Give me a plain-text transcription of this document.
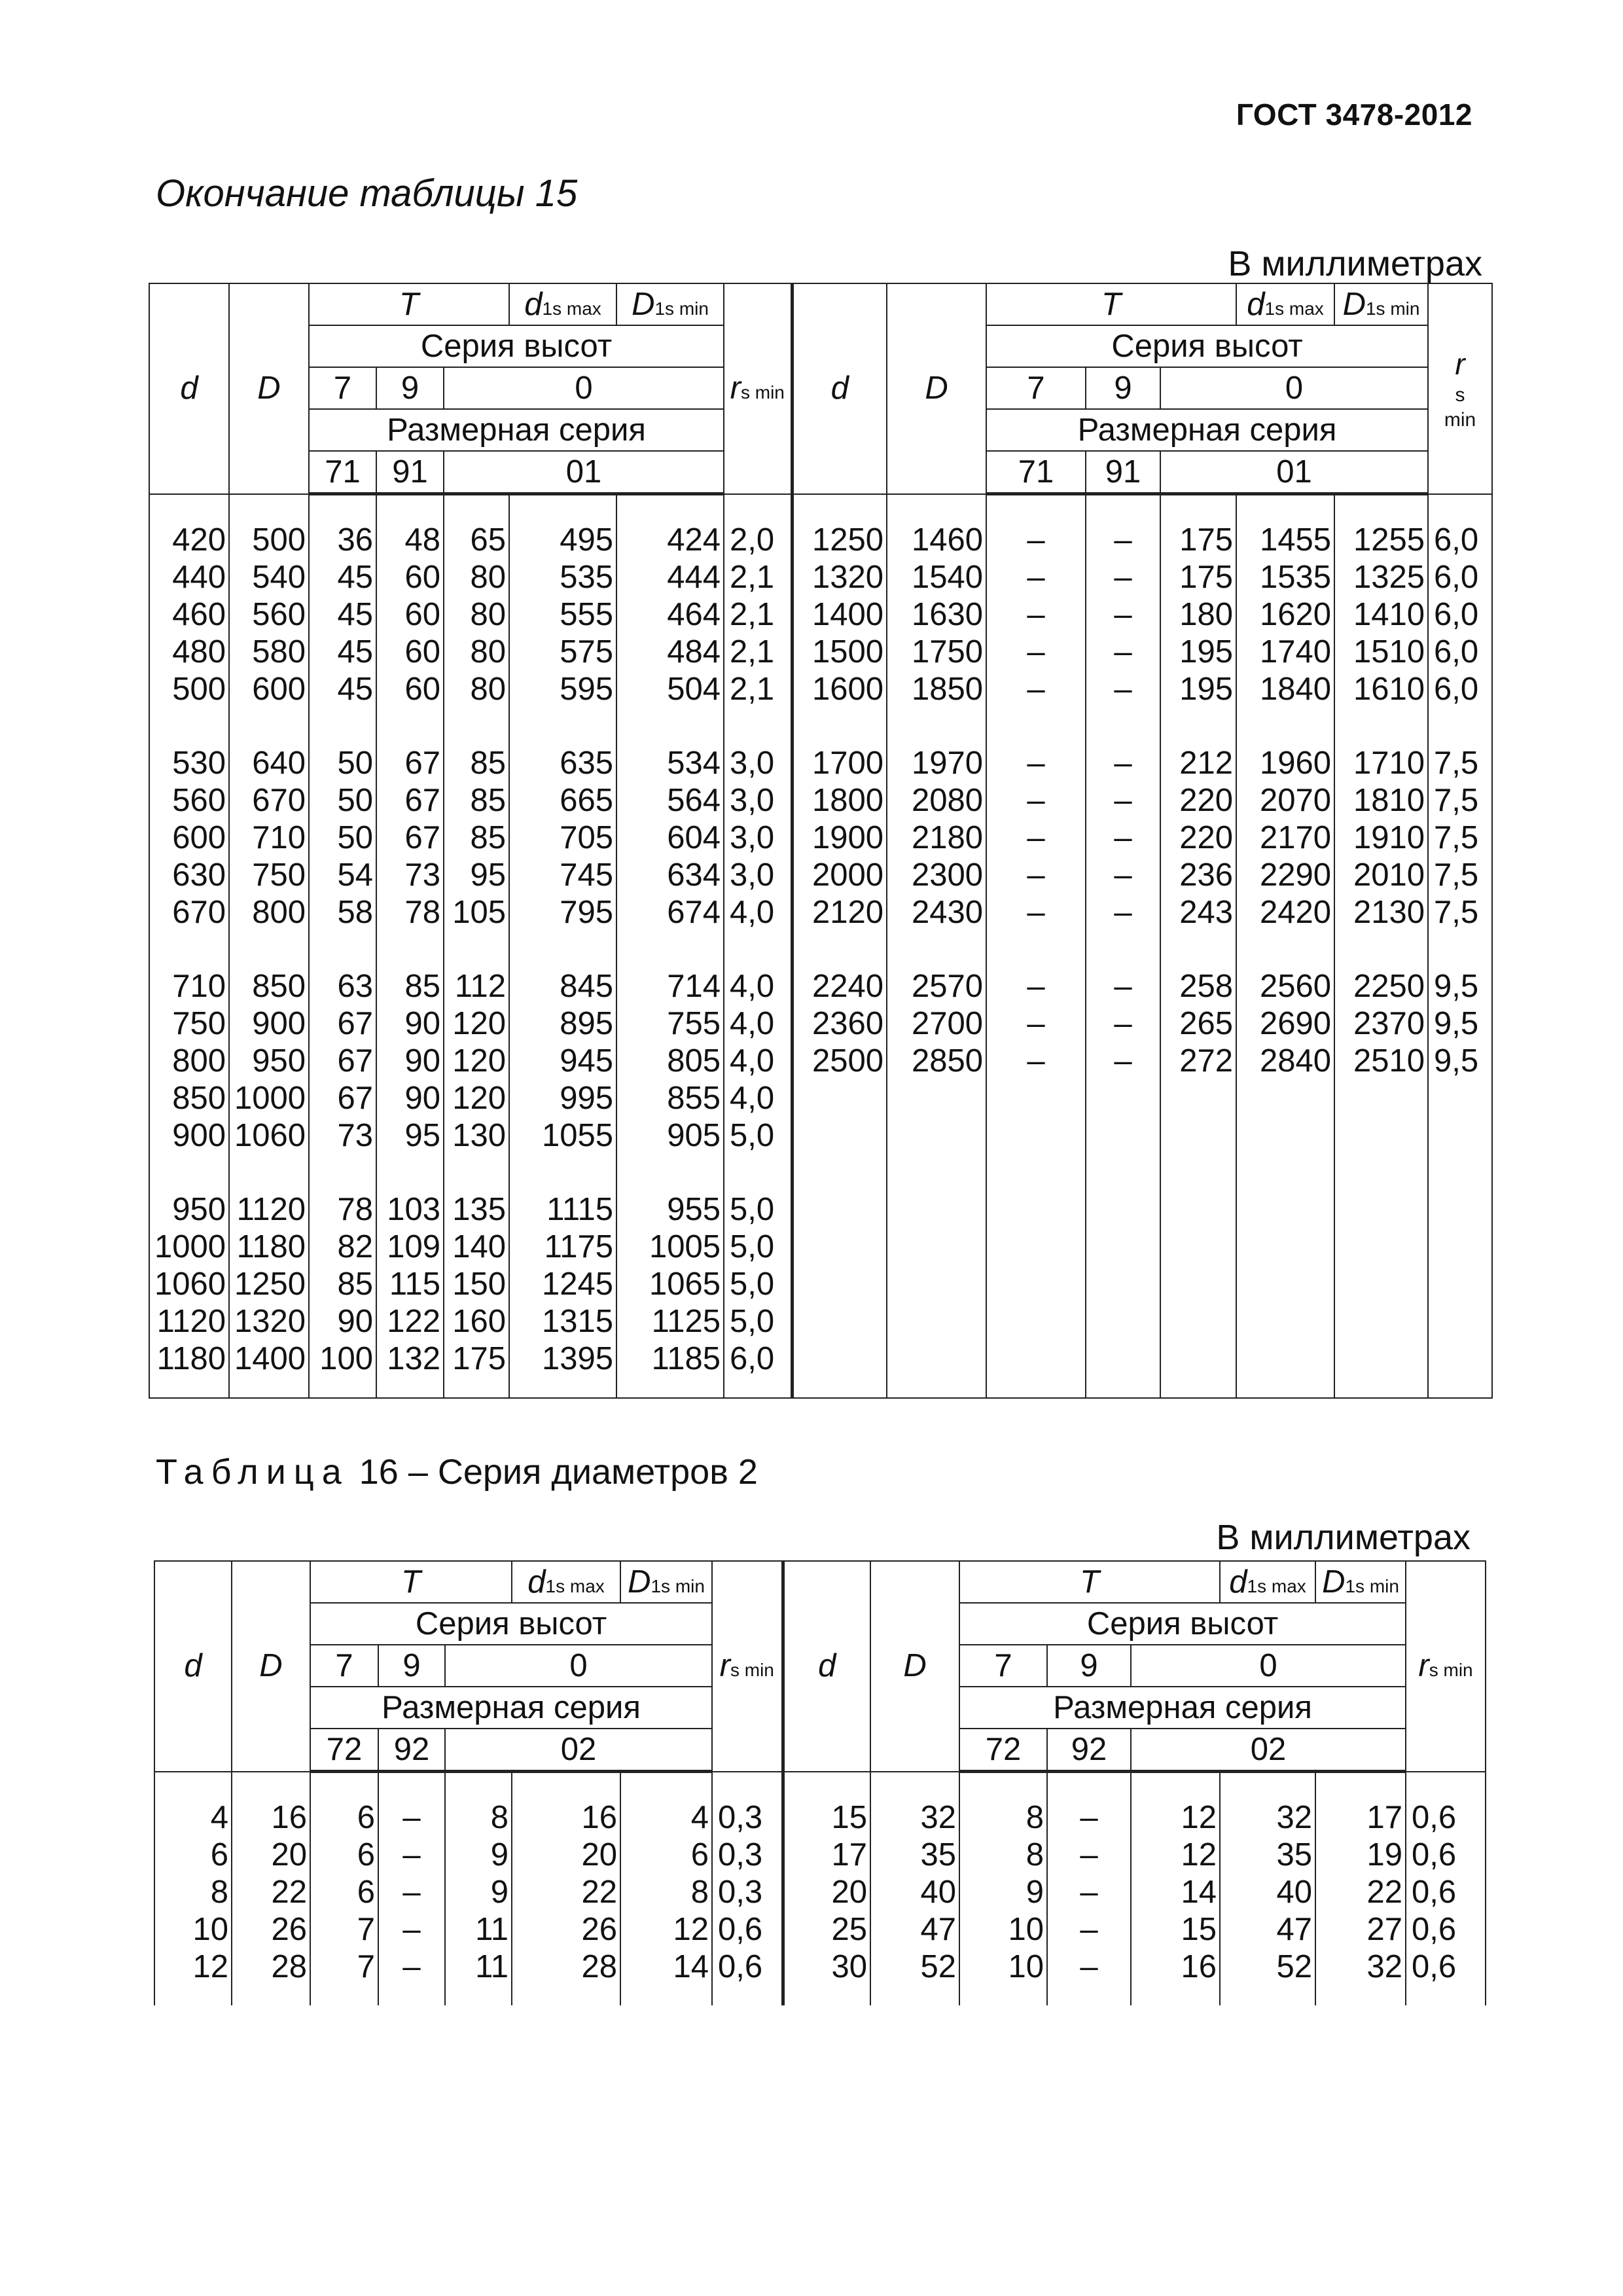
ГОСТ 3478-2012
Окончание таблицы 15
В миллиметрах
d	D	T			d1s max	D1s min	rs min	d	D	T			d1s max	D1s min	r
s
min

		Серия высот								Серия высот					
		7	9	0						7	9	0			
		Размерная серия								Размерная серия					
		71	91	01						71	91	01			

420	500	36	48	65	495	424	2,0	1250	1460	–	–	175	1455	1255	6,0
440	540	45	60	80	535	444	2,1	1320	1540	–	–	175	1535	1325	6,0
460	560	45	60	80	555	464	2,1	1400	1630	–	–	180	1620	1410	6,0
480	580	45	60	80	575	484	2,1	1500	1750	–	–	195	1740	1510	6,0
500	600	45	60	80	595	504	2,1	1600	1850	–	–	195	1840	1610	6,0

530	640	50	67	85	635	534	3,0	1700	1970	–	–	212	1960	1710	7,5
560	670	50	67	85	665	564	3,0	1800	2080	–	–	220	2070	1810	7,5
600	710	50	67	85	705	604	3,0	1900	2180	–	–	220	2170	1910	7,5
630	750	54	73	95	745	634	3,0	2000	2300	–	–	236	2290	2010	7,5
670	800	58	78	105	795	674	4,0	2120	2430	–	–	243	2420	2130	7,5

710	850	63	85	112	845	714	4,0	2240	2570	–	–	258	2560	2250	9,5
750	900	67	90	120	895	755	4,0	2360	2700	–	–	265	2690	2370	9,5
800	950	67	90	120	945	805	4,0	2500	2850	–	–	272	2840	2510	9,5
850	1000	67	90	120	995	855	4,0								
900	1060	73	95	130	1055	905	5,0								

950	1120	78	103	135	1115	955	5,0								
1000	1180	82	109	140	1175	1005	5,0								
1060	1250	85	115	150	1245	1065	5,0								
1120	1320	90	122	160	1315	1125	5,0								
1180	1400	100	132	175	1395	1185	6,0								

Таблица 16 – Серия диаметров 2
В миллиметрах
d	D	T			d1s max	D1s min	rs min	d	D	T			d1s max	D1s min	rs min
		Серия высот								Серия высот					
		7	9	0						7	9	0			
		Размерная серия								Размерная серия					
		72	92	02						72	92	02			

4	16	6	–	8	16	4	0,3	15	32	8	–	12	32	17	0,6
6	20	6	–	9	20	6	0,3	17	35	8	–	12	35	19	0,6
8	22	6	–	9	22	8	0,3	20	40	9	–	14	40	22	0,6
10	26	7	–	11	26	12	0,6	25	47	10	–	15	47	27	0,6
12	28	7	–	11	28	14	0,6	30	52	10	–	16	52	32	0,6
